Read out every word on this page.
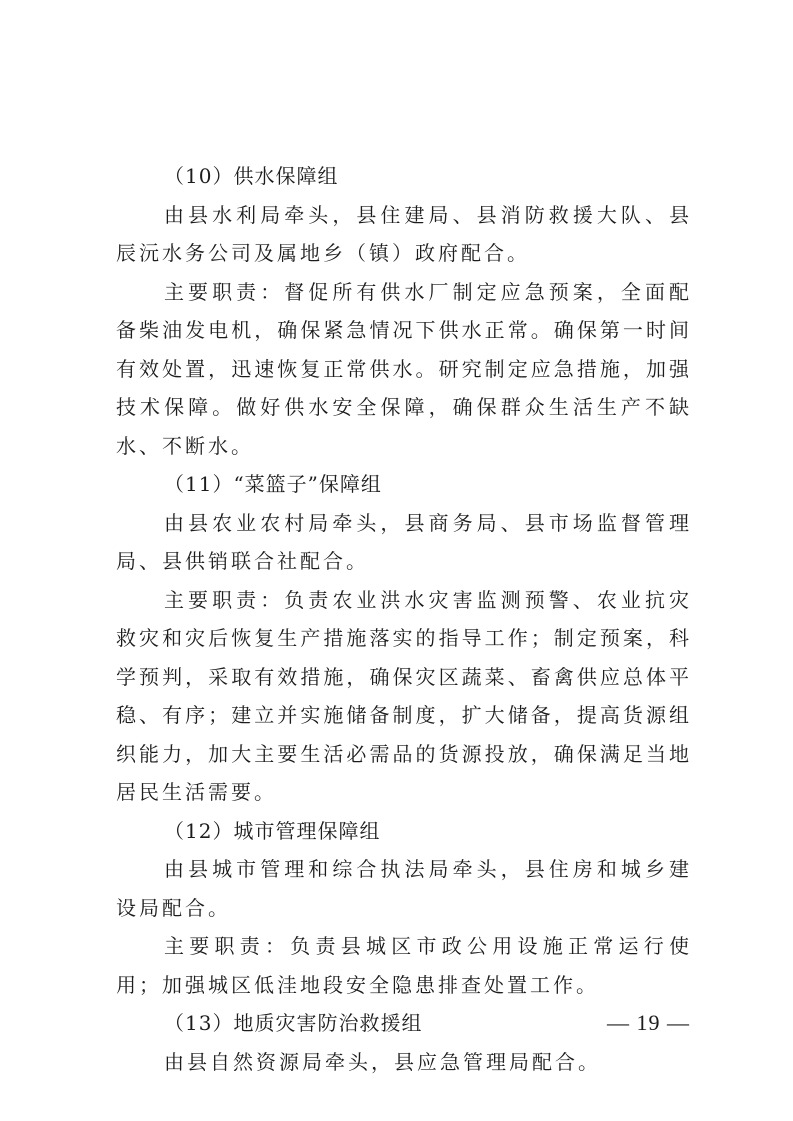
（10）供水保障组

由县水利局牵头，县住建局、县消防救援大队、县辰沅水务公司及属地乡（镇）政府配合。

主要职责：督促所有供水厂制定应急预案，全面配备柴油发电机，确保紧急情况下供水正常。确保第一时间有效处置，迅速恢复正常供水。研究制定应急措施，加强技术保障。做好供水安全保障，确保群众生活生产不缺水、不断水。

（11）“菜篮子”保障组

由县农业农村局牵头，县商务局、县市场监督管理局、县供销联合社配合。

主要职责：负责农业洪水灾害监测预警、农业抗灾救灾和灾后恢复生产措施落实的指导工作；制定预案，科学预判，采取有效措施，确保灾区蔬菜、畜禽供应总体平稳、有序；建立并实施储备制度，扩大储备，提高货源组织能力，加大主要生活必需品的货源投放，确保满足当地居民生活需要。

（12）城市管理保障组

由县城市管理和综合执法局牵头，县住房和城乡建设局配合。

主要职责：负责县城区市政公用设施正常运行使用；加强城区低洼地段安全隐患排查处置工作。

（13）地质灾害防治救援组

由县自然资源局牵头，县应急管理局配合。

— 19 —
